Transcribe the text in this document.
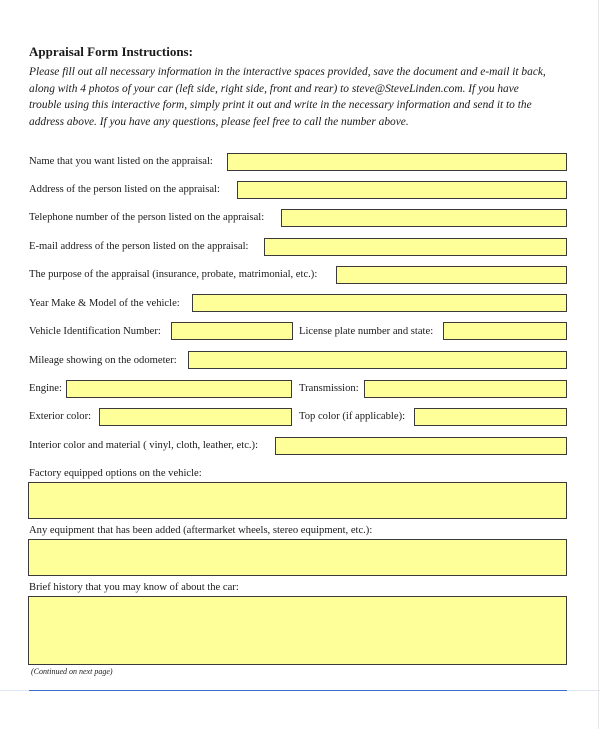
Appraisal Form Instructions:
Please fill out all necessary information in the interactive spaces provided, save the document and e-mail it back,
along with 4 photos of your car (left side, right side, front and rear) to steve@SteveLinden.com. If you have
trouble using this interactive form, simply print it out and write in the necessary information and send it to the
address above. If you have any questions, please feel free to call the number above.
Name that you want listed on the appraisal:
Address of the person listed on the appraisal:
Telephone number of the person listed on the appraisal:
E-mail address of the person listed on the appraisal:
The purpose of the appraisal (insurance, probate, matrimonial, etc.):
Year Make & Model of the vehicle:
Vehicle Identification Number:	License plate number and state:
Mileage showing on the odometer:
Engine:	Transmission:
Exterior color:	Top color (if applicable):
Interior color and material ( vinyl, cloth, leather, etc.):
Factory equipped options on the vehicle:
Any equipment that has been added (aftermarket wheels, stereo equipment, etc.):
Brief history that you may know of about the car:
(Continued on next page)
